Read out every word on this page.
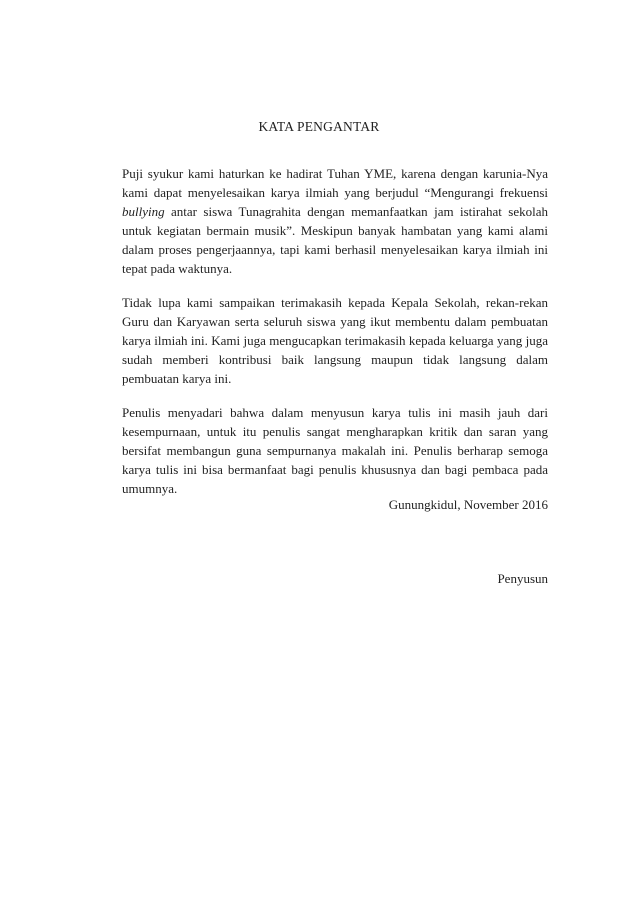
KATA PENGANTAR

Puji syukur kami haturkan ke hadirat Tuhan YME, karena dengan karunia-Nya kami dapat menyelesaikan karya ilmiah yang berjudul “Mengurangi frekuensi bullying antar siswa Tunagrahita dengan memanfaatkan jam istirahat sekolah untuk kegiatan bermain musik”. Meskipun banyak hambatan yang kami alami dalam proses pengerjaannya, tapi kami berhasil menyelesaikan karya ilmiah ini tepat pada waktunya.

Tidak lupa kami sampaikan terimakasih kepada Kepala Sekolah, rekan-rekan Guru dan Karyawan serta seluruh siswa yang ikut membentu dalam pembuatan karya ilmiah ini. Kami juga mengucapkan terimakasih kepada keluarga yang juga sudah memberi kontribusi baik langsung maupun tidak langsung dalam pembuatan karya ini.

Penulis menyadari bahwa dalam menyusun karya tulis ini masih jauh dari kesempurnaan, untuk itu penulis sangat mengharapkan kritik dan saran yang bersifat membangun guna sempurnanya makalah ini. Penulis berharap semoga karya tulis ini bisa bermanfaat bagi penulis khususnya dan bagi pembaca pada umumnya.

Gunungkidul, November 2016

Penyusun
